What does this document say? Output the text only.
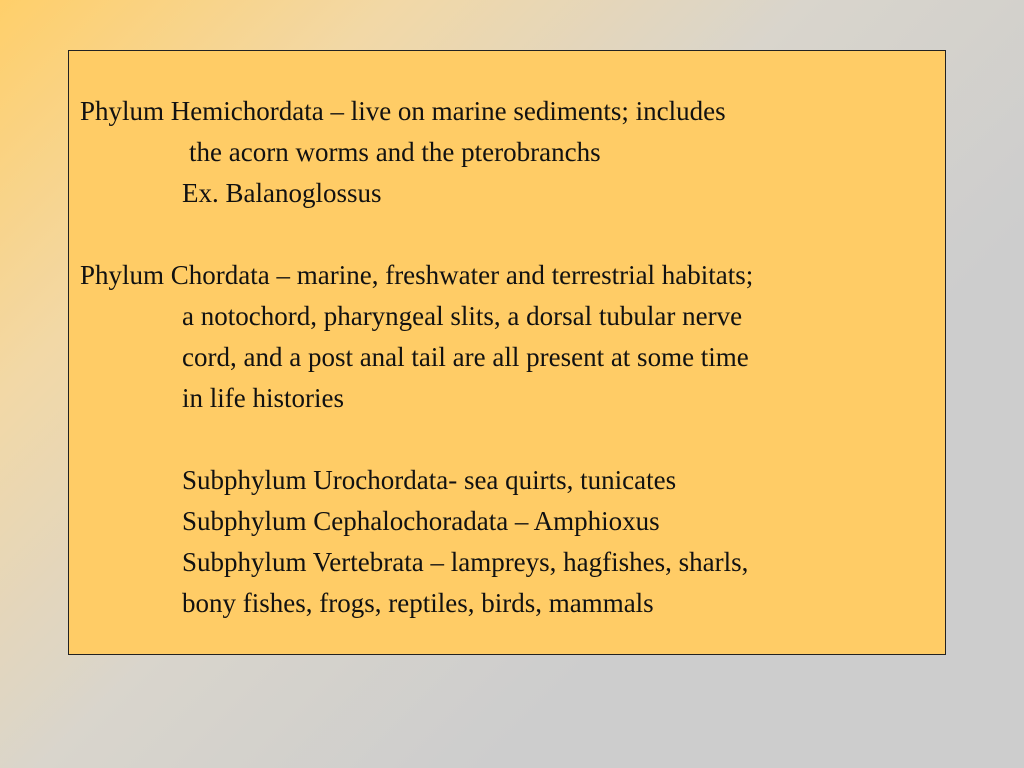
Phylum Hemichordata – live on marine sediments; includes
the acorn worms and the pterobranchs
Ex. Balanoglossus
Phylum Chordata – marine, freshwater and terrestrial habitats;
a notochord, pharyngeal slits, a dorsal tubular nerve
cord, and a post anal tail are all present at some time
in life histories
Subphylum Urochordata- sea quirts, tunicates
Subphylum Cephalochoradata – Amphioxus
Subphylum Vertebrata – lampreys, hagfishes, sharls,
bony fishes, frogs, reptiles, birds, mammals
